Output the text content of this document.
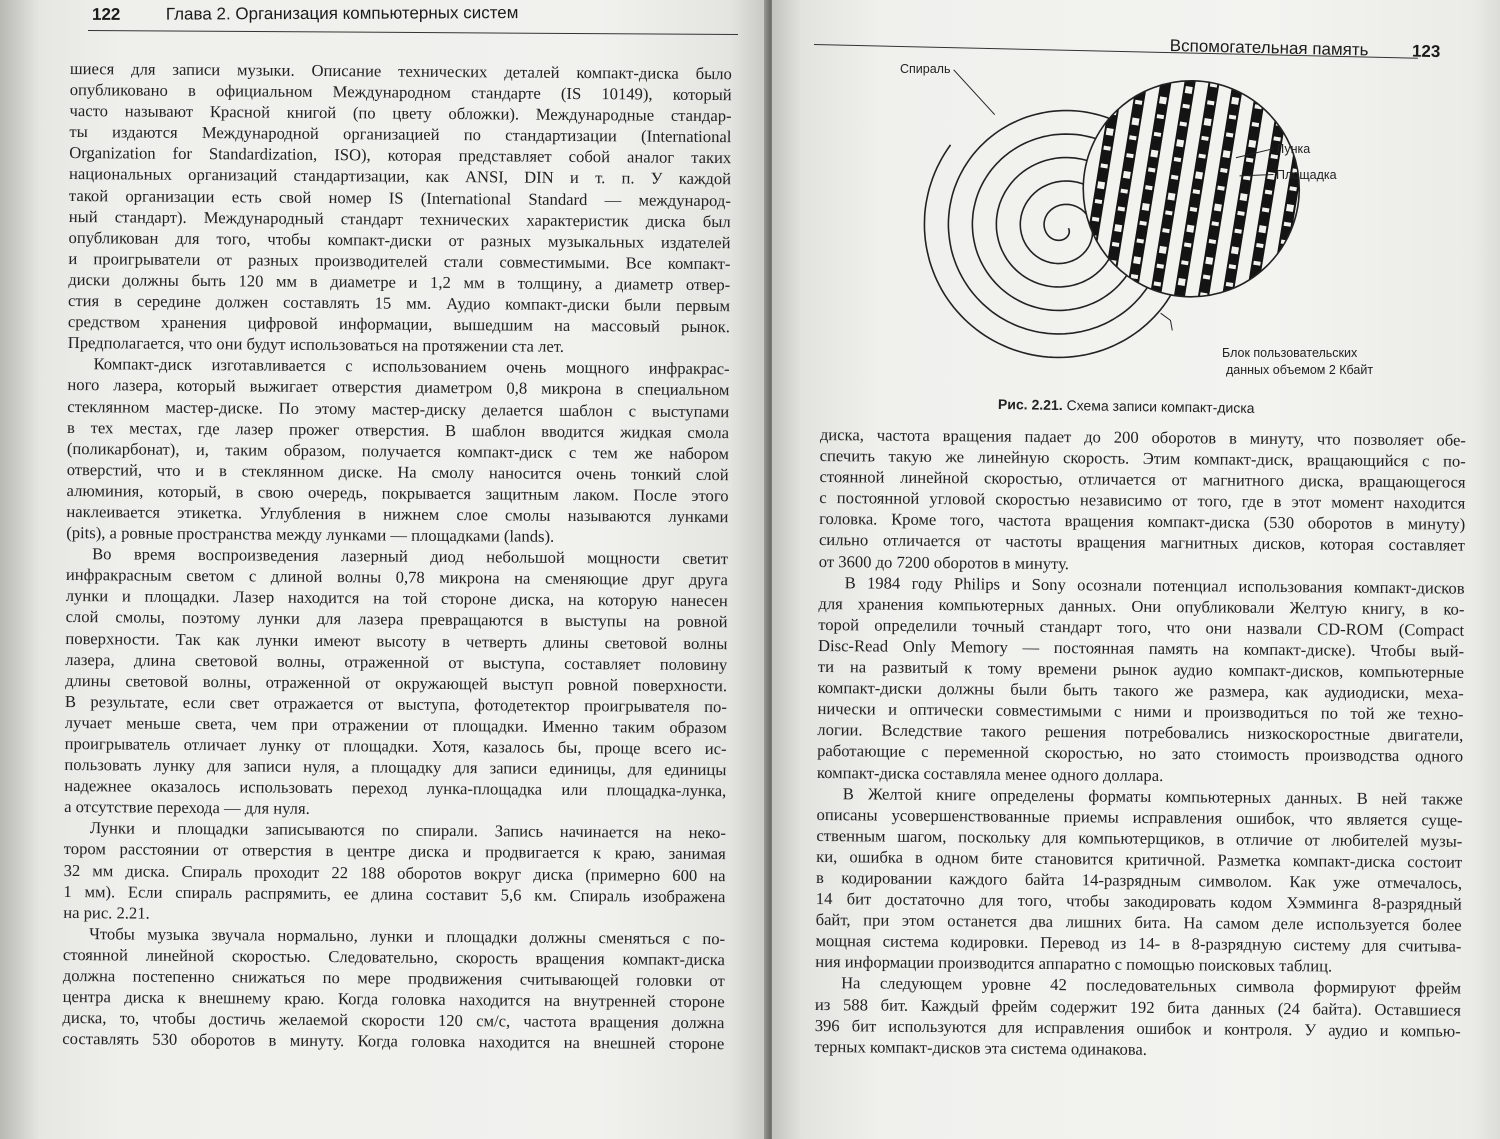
122	Глава 2. Организация компьютерных систем
шиеся для записи музыки. Описание технических деталей компакт-диска было
опубликовано в официальном Международном стандарте (IS 10149), который
часто называют Красной книгой (по цвету обложки). Международные стандар-
ты издаются Международной организацией по стандартизации (International
Organization for Standardization, ISO), которая представляет собой аналог таких
национальных организаций стандартизации, как ANSI, DIN и т. п. У каждой
такой организации есть свой номер IS (International Standard — международ-
ный стандарт). Международный стандарт технических характеристик диска был
опубликован для того, чтобы компакт-диски от разных музыкальных издателей
и проигрыватели от разных производителей стали совместимыми. Все компакт-
диски должны быть 120 мм в диаметре и 1,2 мм в толщину, а диаметр отвер-
стия в середине должен составлять 15 мм. Аудио компакт-диски были первым
средством хранения цифровой информации, вышедшим на массовый рынок.
Предполагается, что они будут использоваться на протяжении ста лет.
Компакт-диск изготавливается с использованием очень мощного инфракрас-
ного лазера, который выжигает отверстия диаметром 0,8 микрона в специальном
стеклянном мастер-диске. По этому мастер-диску делается шаблон с выступами
в тех местах, где лазер прожег отверстия. В шаблон вводится жидкая смола
(поликарбонат), и, таким образом, получается компакт-диск с тем же набором
отверстий, что и в стеклянном диске. На смолу наносится очень тонкий слой
алюминия, который, в свою очередь, покрывается защитным лаком. После этого
наклеивается этикетка. Углубления в нижнем слое смолы называются лунками
(pits), а ровные пространства между лунками — площадками (lands).
Во время воспроизведения лазерный диод небольшой мощности светит
инфракрасным светом с длиной волны 0,78 микрона на сменяющие друг друга
лунки и площадки. Лазер находится на той стороне диска, на которую нанесен
слой смолы, поэтому лунки для лазера превращаются в выступы на ровной
поверхности. Так как лунки имеют высоту в четверть длины световой волны
лазера, длина световой волны, отраженной от выступа, составляет половину
длины световой волны, отраженной от окружающей выступ ровной поверхности.
В результате, если свет отражается от выступа, фотодетектор проигрывателя по-
лучает меньше света, чем при отражении от площадки. Именно таким образом
проигрыватель отличает лунку от площадки. Хотя, казалось бы, проще всего ис-
пользовать лунку для записи нуля, а площадку для записи единицы, для единицы
надежнее оказалось использовать переход лунка-площадка или площадка-лунка,
а отсутствие перехода — для нуля.
Лунки и площадки записываются по спирали. Запись начинается на неко-
тором расстоянии от отверстия в центре диска и продвигается к краю, занимая
32 мм диска. Спираль проходит 22 188 оборотов вокруг диска (примерно 600 на
1 мм). Если спираль распрямить, ее длина составит 5,6 км. Спираль изображена
на рис. 2.21.
Чтобы музыка звучала нормально, лунки и площадки должны сменяться с по-
стоянной линейной скоростью. Следовательно, скорость вращения компакт-диска
должна постепенно снижаться по мере продвижения считывающей головки от
центра диска к внешнему краю. Когда головка находится на внутренней стороне
диска, то, чтобы достичь желаемой скорости 120 см/с, частота вращения должна
составлять 530 оборотов в минуту. Когда головка находится на внешней стороне
Вспомогательная память	123
диска, частота вращения падает до 200 оборотов в минуту, что позволяет обе-
спечить такую же линейную скорость. Этим компакт-диск, вращающийся с по-
стоянной линейной скоростью, отличается от магнитного диска, вращающегося
с постоянной угловой скоростью независимо от того, где в этот момент находится
головка. Кроме того, частота вращения компакт-диска (530 оборотов в минуту)
сильно отличается от частоты вращения магнитных дисков, которая составляет
от 3600 до 7200 оборотов в минуту.
В 1984 году Philips и Sony осознали потенциал использования компакт-дисков
для хранения компьютерных данных. Они опубликовали Желтую книгу, в ко-
торой определили точный стандарт того, что они назвали CD-ROM (Compact
Disc-Read Only Memory — постоянная память на компакт-диске). Чтобы вый-
ти на развитый к тому времени рынок аудио компакт-дисков, компьютерные
компакт-диски должны были быть такого же размера, как аудиодиски, меха-
нически и оптически совместимыми с ними и производиться по той же техно-
логии. Вследствие такого решения потребовались низкоскоростные двигатели,
работающие с переменной скоростью, но зато стоимость производства одного
компакт-диска составляла менее одного доллара.
В Желтой книге определены форматы компьютерных данных. В ней также
описаны усовершенствованные приемы исправления ошибок, что является суще-
ственным шагом, поскольку для компьютерщиков, в отличие от любителей музы-
ки, ошибка в одном бите становится критичной. Разметка компакт-диска состоит
в кодировании каждого байта 14-разрядным символом. Как уже отмечалось,
14 бит достаточно для того, чтобы закодировать кодом Хэмминга 8-разрядный
байт, при этом останется два лишних бита. На самом деле используется более
мощная система кодировки. Перевод из 14- в 8-разрядную систему для считыва-
ния информации производится аппаратно с помощью поисковых таблиц.
На следующем уровне 42 последовательных символа формируют фрейм
из 588 бит. Каждый фрейм содержит 192 бита данных (24 байта). Оставшиеся
396 бит используются для исправления ошибок и контроля. У аудио и компью-
терных компакт-дисков эта система одинакова.
Спираль
Лунка
Площадка
Блок пользовательских
данных объемом 2 Кбайт
Рис. 2.21. Схема записи компакт-диска
